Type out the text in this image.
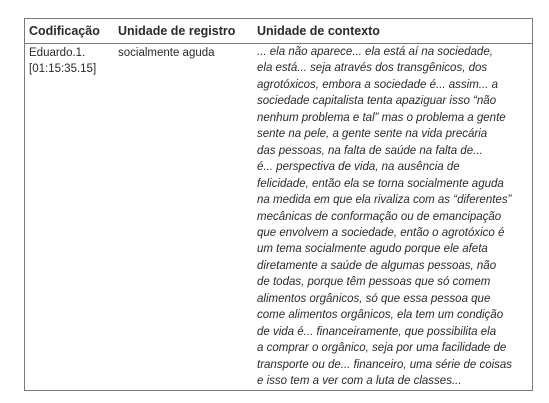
Codificação Unidade de registro Unidade de contexto
Eduardo.1.
[01:15:35.15]
socialmente aguda	... ela não aparece... ela está aí na sociedade,
ela está... seja através dos transgênicos, dos
agrotóxicos, embora a sociedade é... assim... a
sociedade capitalista tenta apaziguar isso “não
nenhum problema e tal” mas o problema a gente
sente na pele, a gente sente na vida precária
das pessoas, na falta de saúde na falta de...
é... perspectiva de vida, na ausência de
felicidade, então ela se torna socialmente aguda
na medida em que ela rivaliza com as “diferentes”
mecânicas de conformação ou de emancipação
que envolvem a sociedade, então o agrotóxico é
um tema socialmente agudo porque ele afeta
diretamente a saúde de algumas pessoas, não
de todas, porque têm pessoas que só comem
alimentos orgânicos, só que essa pessoa que
come alimentos orgânicos, ela tem um condição
de vida é... financeiramente, que possibilita ela
a comprar o orgânico, seja por uma facilidade de
transporte ou de... financeiro, uma série de coisas
e isso tem a ver com a luta de classes...
